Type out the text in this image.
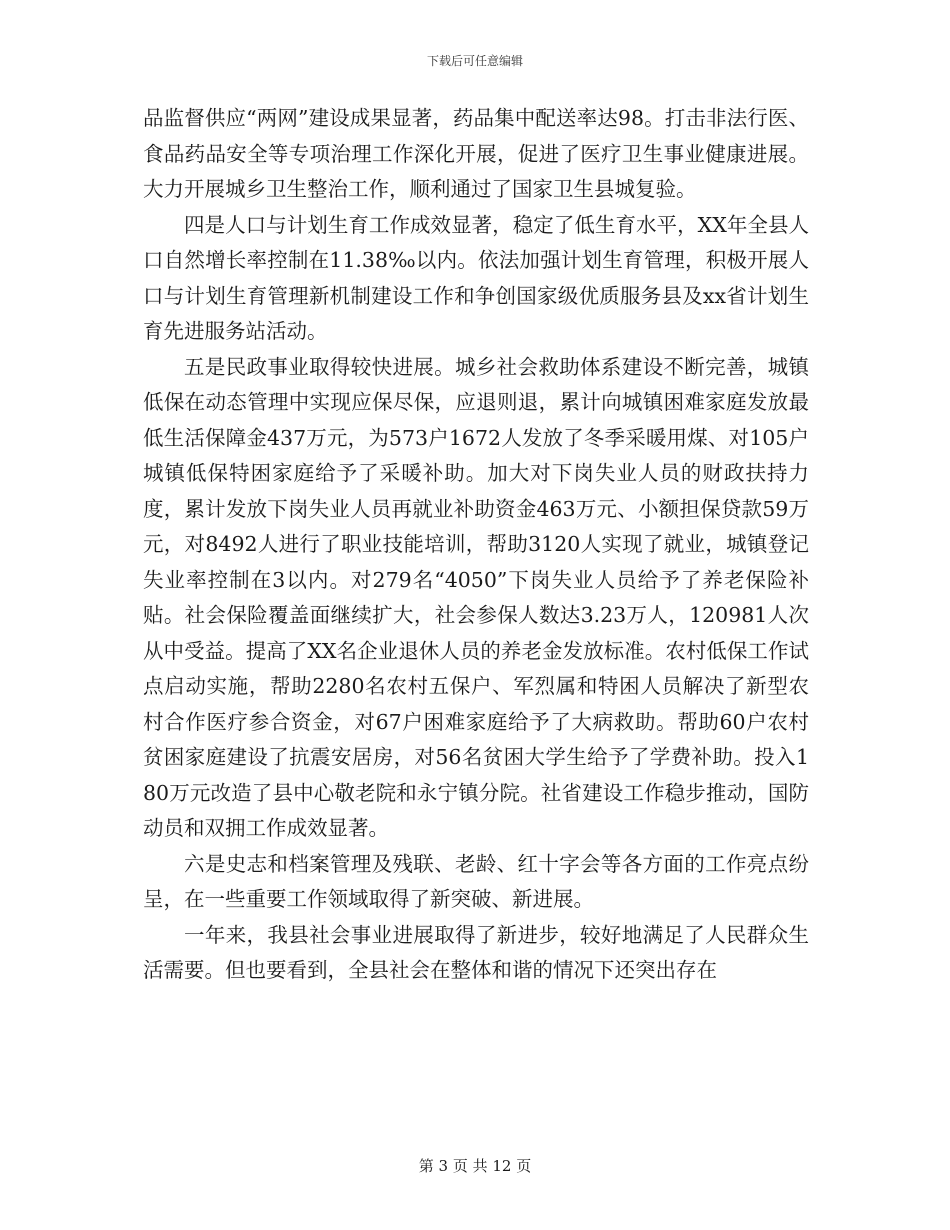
下载后可任意编辑

品监督供应“两网”建设成果显著，药品集中配送率达98。打击非法行医、食品药品安全等专项治理工作深化开展，促进了医疗卫生事业健康进展。大力开展城乡卫生整治工作，顺利通过了国家卫生县城复验。

四是人口与计划生育工作成效显著，稳定了低生育水平，XX年全县人口自然增长率控制在11.38‰以内。依法加强计划生育管理，积极开展人口与计划生育管理新机制建设工作和争创国家级优质服务县及xx省计划生育先进服务站活动。

五是民政事业取得较快进展。城乡社会救助体系建设不断完善，城镇低保在动态管理中实现应保尽保，应退则退，累计向城镇困难家庭发放最低生活保障金437万元，为573户1672人发放了冬季采暖用煤、对105户城镇低保特困家庭给予了采暖补助。加大对下岗失业人员的财政扶持力度，累计发放下岗失业人员再就业补助资金463万元、小额担保贷款59万元，对8492人进行了职业技能培训，帮助3120人实现了就业，城镇登记失业率控制在3以内。对279名“4050”下岗失业人员给予了养老保险补贴。社会保险覆盖面继续扩大，社会参保人数达3.23万人，120981人次从中受益。提高了XX名企业退休人员的养老金发放标准。农村低保工作试点启动实施，帮助2280名农村五保户、军烈属和特困人员解决了新型农村合作医疗参合资金，对67户困难家庭给予了大病救助。帮助60户农村贫困家庭建设了抗震安居房，对56名贫困大学生给予了学费补助。投入180万元改造了县中心敬老院和永宁镇分院。社省建设工作稳步推动，国防动员和双拥工作成效显著。

六是史志和档案管理及残联、老龄、红十字会等各方面的工作亮点纷呈，在一些重要工作领域取得了新突破、新进展。

一年来，我县社会事业进展取得了新进步，较好地满足了人民群众生活需要。但也要看到，全县社会在整体和谐的情况下还突出存在

第 3 页 共 12 页
